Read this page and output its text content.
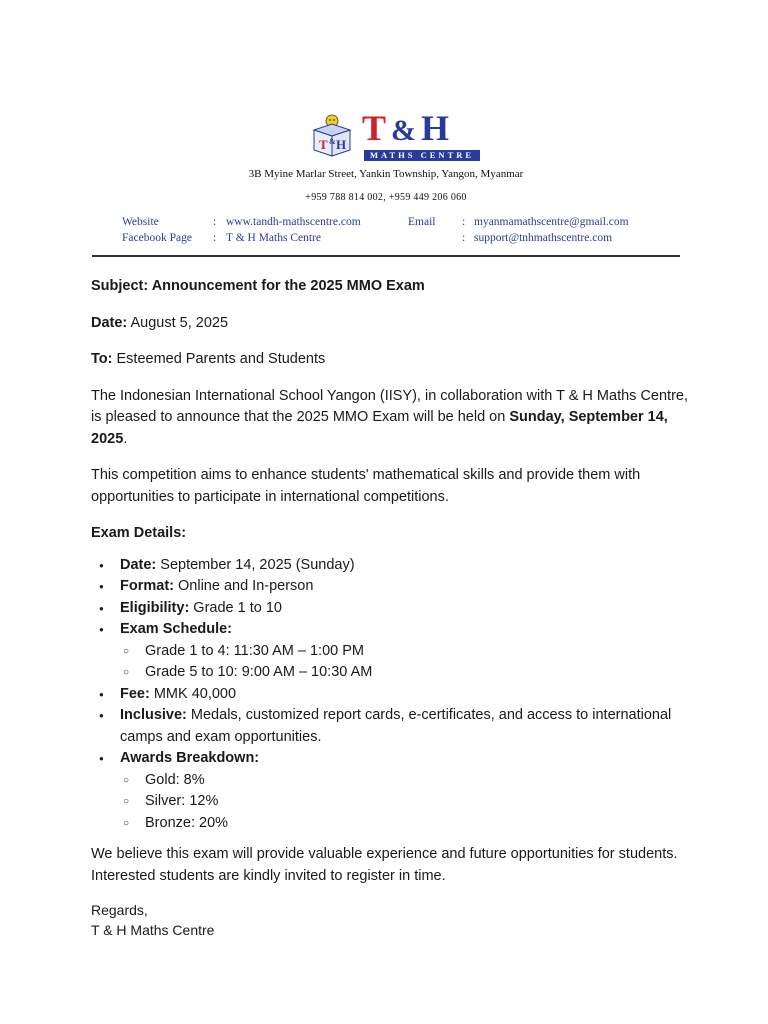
T H
& T & H
MATHS CENTRE
3B Myine Marlar Street, Yankin Township, Yangon, Myanmar
+959 788 814 002, +959 449 206 060
Website	: www.tandh-mathscentre.com
Facebook Page : T & H Maths Centre
Email : myanmamathscentre@gmail.com
: support@tnhmathscentre.com

Subject: Announcement for the 2025 MMO Exam

Date: August 5, 2025

To: Esteemed Parents and Students

The Indonesian International School Yangon (IISY), in collaboration with T & H Maths Centre, is pleased to announce that the 2025 MMO Exam will be held on Sunday, September 14, 2025.

This competition aims to enhance students' mathematical skills and provide them with opportunities to participate in international competitions.

Exam Details:

● Date: September 14, 2025 (Sunday)
● Format: Online and In-person
● Eligibility: Grade 1 to 10
● Exam Schedule:
○ Grade 1 to 4: 11:30 AM – 1:00 PM
○ Grade 5 to 10: 9:00 AM – 10:30 AM
● Fee: MMK 40,000
● Inclusive: Medals, customized report cards, e-certificates, and access to international camps and exam opportunities.
● Awards Breakdown:
○ Gold: 8%
○ Silver: 12%
○ Bronze: 20%

We believe this exam will provide valuable experience and future opportunities for students. Interested students are kindly invited to register in time.

Regards,
T & H Maths Centre
